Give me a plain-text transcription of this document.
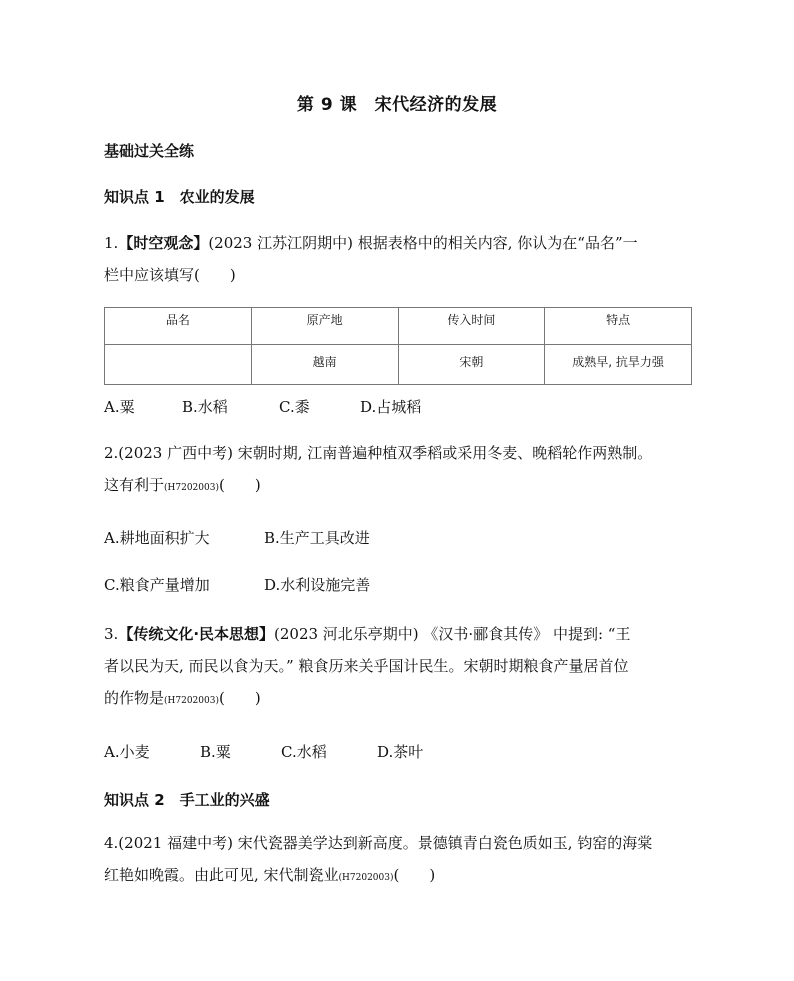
第 9 课　宋代经济的发展
基础过关全练
知识点 1　农业的发展
1.【时空观念】(2023 江苏江阴期中) 根据表格中的相关内容, 你认为在“品名”一
栏中应该填写(　　)
品名	原产地	传入时间	特点
	越南	宋朝	成熟早, 抗旱力强
A.粟	B.水稻	C.黍	D.占城稻
2.(2023 广西中考) 宋朝时期, 江南普遍种植双季稻或采用冬麦、晚稻轮作两熟制。
这有利于(H7202003)(　　)
A.耕地面积扩大	B.生产工具改进
C.粮食产量增加	D.水利设施完善
3.【传统文化·民本思想】(2023 河北乐亭期中) 《汉书·郦食其传》 中提到: “王
者以民为天, 而民以食为天。” 粮食历来关乎国计民生。宋朝时期粮食产量居首位
的作物是(H7202003)(　　)
A.小麦	B.粟	C.水稻	D.茶叶
知识点 2　手工业的兴盛
4.(2021 福建中考) 宋代瓷器美学达到新高度。景德镇青白瓷色质如玉, 钧窑的海棠
红艳如晚霞。由此可见, 宋代制瓷业(H7202003)(　　)
